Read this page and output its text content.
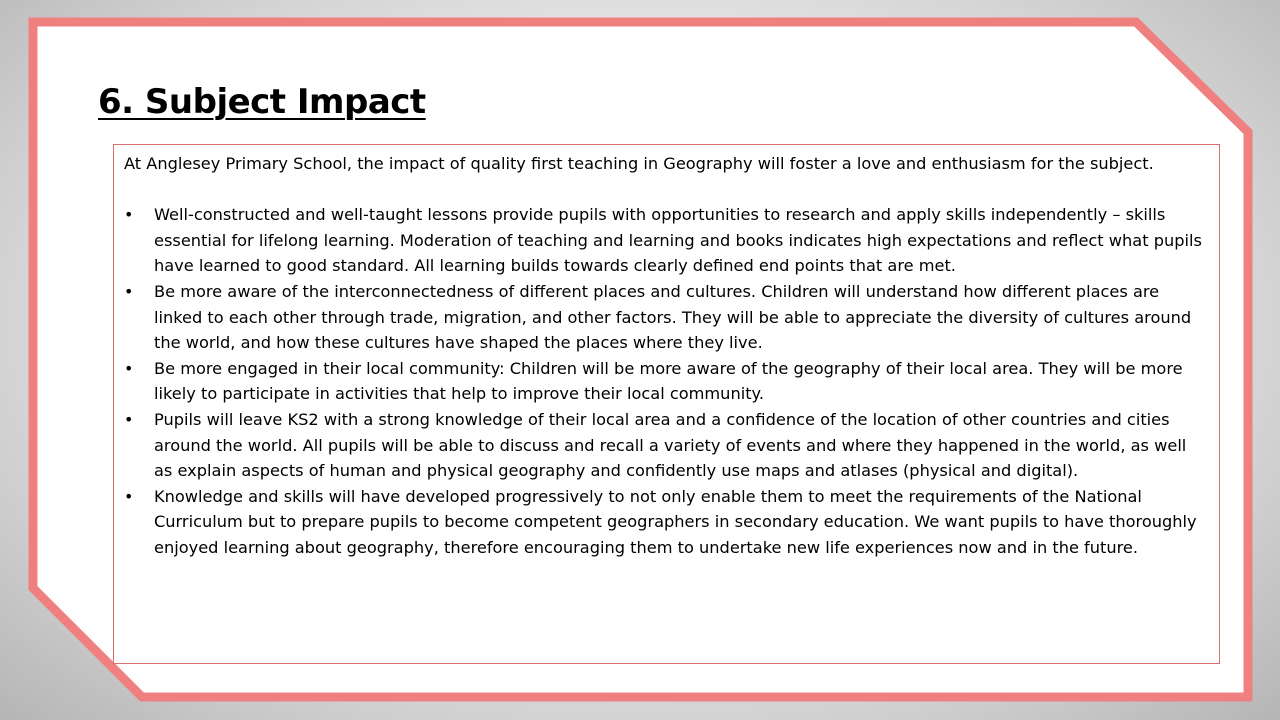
6. Subject Impact

At Anglesey Primary School, the impact of quality first teaching in Geography will foster a love and enthusiasm for the subject.

• Well-constructed and well-taught lessons provide pupils with opportunities to research and apply skills independently – skills essential for lifelong learning. Moderation of teaching and learning and books indicates high expectations and reflect what pupils have learned to good standard. All learning builds towards clearly defined end points that are met.
• Be more aware of the interconnectedness of different places and cultures. Children will understand how different places are linked to each other through trade, migration, and other factors. They will be able to appreciate the diversity of cultures around the world, and how these cultures have shaped the places where they live.
• Be more engaged in their local community: Children will be more aware of the geography of their local area. They will be more likely to participate in activities that help to improve their local community.
• Pupils will leave KS2 with a strong knowledge of their local area and a confidence of the location of other countries and cities around the world. All pupils will be able to discuss and recall a variety of events and where they happened in the world, as well as explain aspects of human and physical geography and confidently use maps and atlases (physical and digital).
• Knowledge and skills will have developed progressively to not only enable them to meet the requirements of the National Curriculum but to prepare pupils to become competent geographers in secondary education. We want pupils to have thoroughly enjoyed learning about geography, therefore encouraging them to undertake new life experiences now and in the future.
